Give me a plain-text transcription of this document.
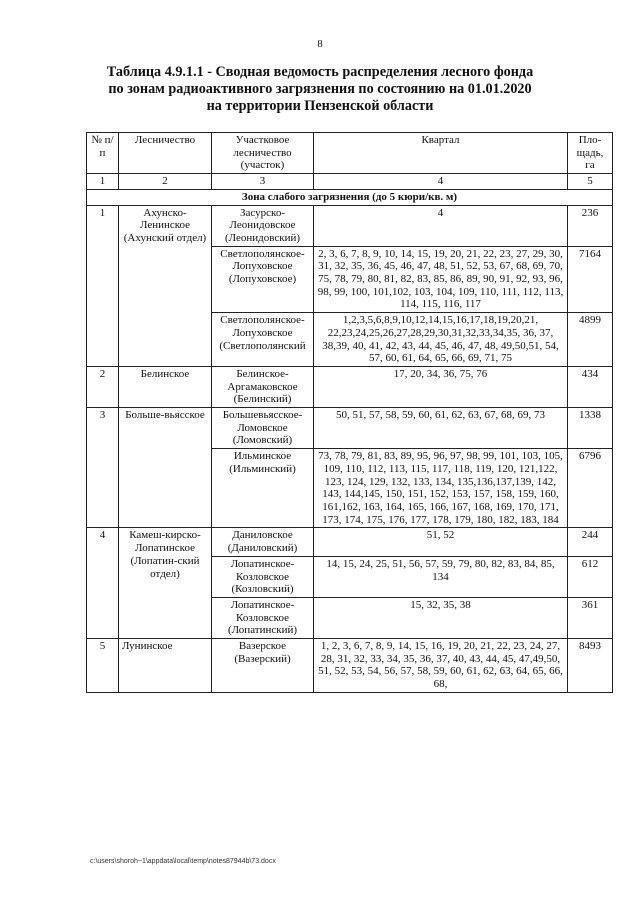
8
Таблица 4.9.1.1 - Сводная ведомость распределения лесного фонда
по зонам радиоактивного загрязнения по состоянию на 01.01.2020
на территории Пензенской области
№ п/п	Лесничество	Участковое лесничество (участок)	Квартал	Пло-щадь, га
1	2	3	4	5
Зона слабого загрязнения (до 5 кюри/кв. м)				
1	Ахунско-Ленинское (Ахунский отдел)	Засурско-Леонидовское (Леонидовский)	4	236
		Светлополянское-Лопуховское (Лопуховское)	2, 3, 6, 7, 8, 9, 10, 14, 15, 19, 20, 21, 22, 23, 27, 29, 30, 31, 32, 35, 36, 45, 46, 47, 48, 51, 52, 53, 67, 68, 69, 70, 75, 78, 79, 80, 81, 82, 83, 85, 86, 89, 90, 91, 92, 93, 96, 98, 99, 100, 101,102, 103, 104, 109, 110, 111, 112, 113, 114, 115, 116, 117	7164
		Светлополянское-Лопуховское (Светлополянский	1,2,3,5,6,8,9,10,12,14,15,16,17,18,19,20,21, 22,23,24,25,26,27,28,29,30,31,32,33,34,35, 36, 37, 38,39, 40, 41, 42, 43, 44, 45, 46, 47, 48, 49,50,51, 54, 57, 60, 61, 64, 65, 66, 69, 71, 75	4899
2	Белинское	Белинское-Аргамаковское (Белинский)	17, 20, 34, 36, 75, 76	434
3	Больше-вьясское	Большевьясское-Ломовское (Ломовский)	50, 51, 57, 58, 59, 60, 61, 62, 63, 67, 68, 69, 73	1338
		Ильминское (Ильминский)	73, 78, 79, 81, 83, 89, 95, 96, 97, 98, 99, 101, 103, 105, 109, 110, 112, 113, 115, 117, 118, 119, 120, 121,122, 123, 124, 129, 132, 133, 134, 135,136,137,139, 142, 143, 144,145, 150, 151, 152, 153, 157, 158, 159, 160, 161,162, 163, 164, 165, 166, 167, 168, 169, 170, 171, 173, 174, 175, 176, 177, 178, 179, 180, 182, 183, 184	6796
4	Камеш-кирско-Лопатинское (Лопатин-ский отдел)	Даниловское (Даниловский)	51, 52	244
		Лопатинское-Козловское (Козловский)	14, 15, 24, 25, 51, 56, 57, 59, 79, 80, 82, 83, 84, 85, 134	612
		Лопатинское-Козловское (Лопатинский)	15, 32, 35, 38	361
5	Лунинское	Вазерское (Вазерский)	1, 2, 3, 6, 7, 8, 9, 14, 15, 16, 19, 20, 21, 22, 23, 24, 27, 28, 31, 32, 33, 34, 35, 36, 37, 40, 43, 44, 45, 47,49,50, 51, 52, 53, 54, 56, 57, 58, 59, 60, 61, 62, 63, 64, 65, 66, 68,	8493
c:\users\shoroh~1\appdata\local\temp\notes87944b\73.docx
